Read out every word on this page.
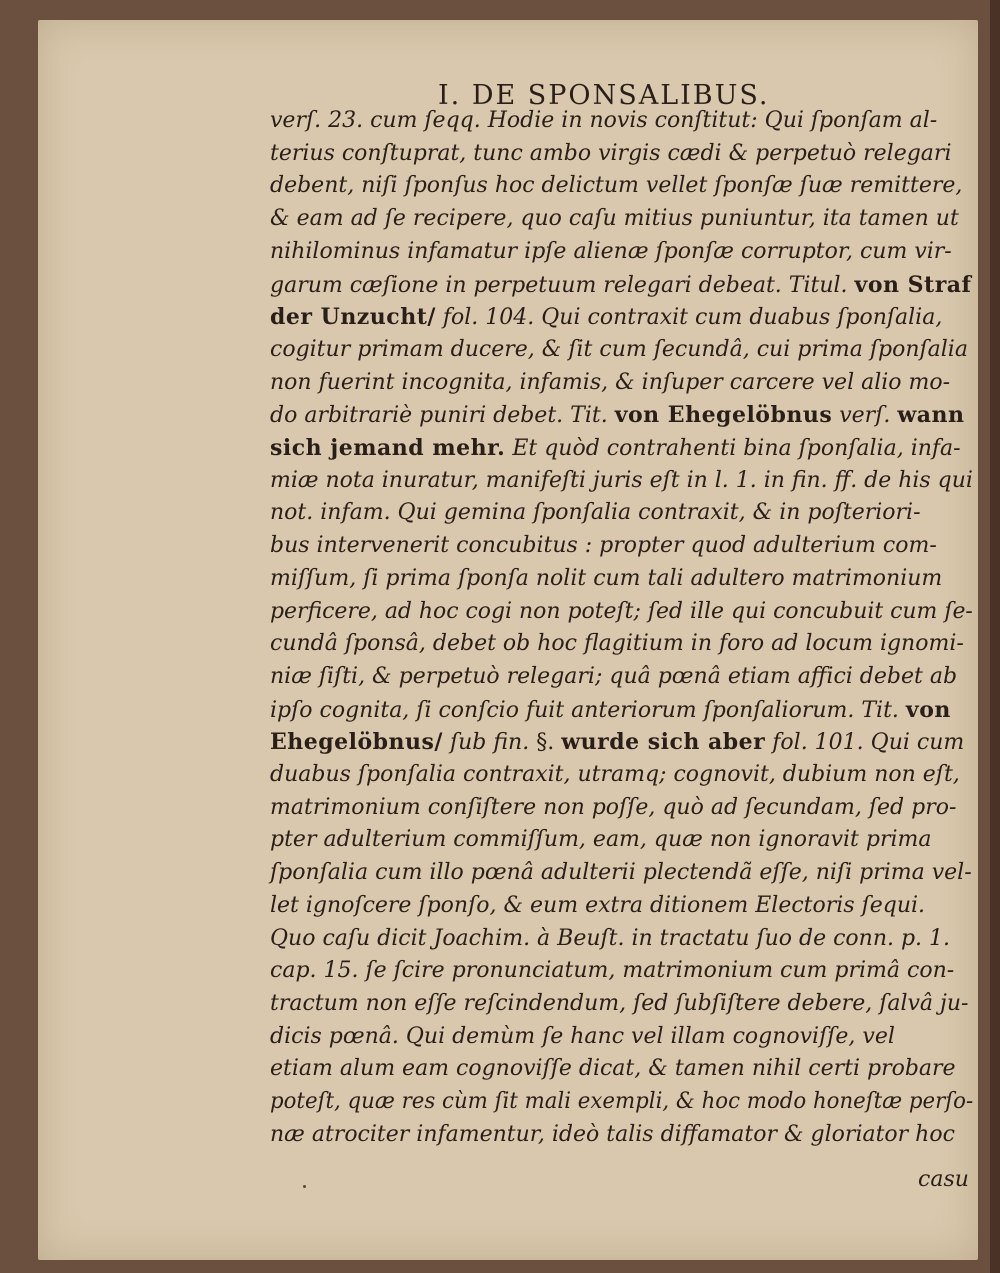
I. DE SPONSALIBUS.
verſ. 23. cum ſeqq. Hodie in novis conſtitut: Qui ſponſam al-
terius conſtuprat, tunc ambo virgis cædi & perpetuò relegari
debent, niſi ſponſus hoc delictum vellet ſponſæ ſuæ remittere,
& eam ad ſe recipere, quo caſu mitius puniuntur, ita tamen ut
nihilominus infamatur ipſe alienæ ſponſæ corruptor, cum vir-
garum cæſione in perpetuum relegari debeat. Titul. von Straf
der Unzucht/ fol. 104. Qui contraxit cum duabus ſponſalia,
cogitur primam ducere, & ſit cum ſecundâ, cui prima ſponſalia
non fuerint incognita, infamis, & inſuper carcere vel alio mo-
do arbitrariè puniri debet. Tit. von Ehegelöbnus verſ. wann
sich jemand mehr. Et quòd contrahenti bina ſponſalia, infa-
miæ nota inuratur, manifeſti juris eſt in l. 1. in fin. ff. de his qui
not. infam. Qui gemina ſponſalia contraxit, & in poſteriori-
bus intervenerit concubitus : propter quod adulterium com-
miſſum, ſi prima ſponſa nolit cum tali adultero matrimonium
perficere, ad hoc cogi non poteſt; ſed ille qui concubuit cum ſe-
cundâ ſponsâ, debet ob hoc flagitium in foro ad locum ignomi-
niæ ſiſti, & perpetuò relegari; quâ pœnâ etiam affici debet ab
ipſo cognita, ſi conſcio fuit anteriorum ſponſaliorum. Tit. von
Ehegelöbnus/ ſub fin. §. wurde sich aber fol. 101. Qui cum
duabus ſponſalia contraxit, utramq; cognovit, dubium non eſt,
matrimonium conſiſtere non poſſe, quò ad ſecundam, ſed pro-
pter adulterium commiſſum, eam, quæ non ignoravit prima
ſponſalia cum illo pœnâ adulterii plectendã eſſe, niſi prima vel-
let ignoſcere ſponſo, & eum extra ditionem Electoris ſequi.
Quo caſu dicit Joachim. à Beuſt. in tractatu ſuo de conn. p. 1.
cap. 15. ſe ſcire pronunciatum, matrimonium cum primâ con-
tractum non eſſe reſcindendum, ſed ſubſiſtere debere, ſalvâ ju-
dicis pœnâ. Qui demùm ſe hanc vel illam cognoviſſe, vel
etiam alum eam cognoviſſe dicat, & tamen nihil certi probare
poteſt, quæ res cùm ſit mali exempli, & hoc modo honeſtæ perſo-
næ atrociter infamentur, ideò talis diffamator & gloriator hoc
casu
